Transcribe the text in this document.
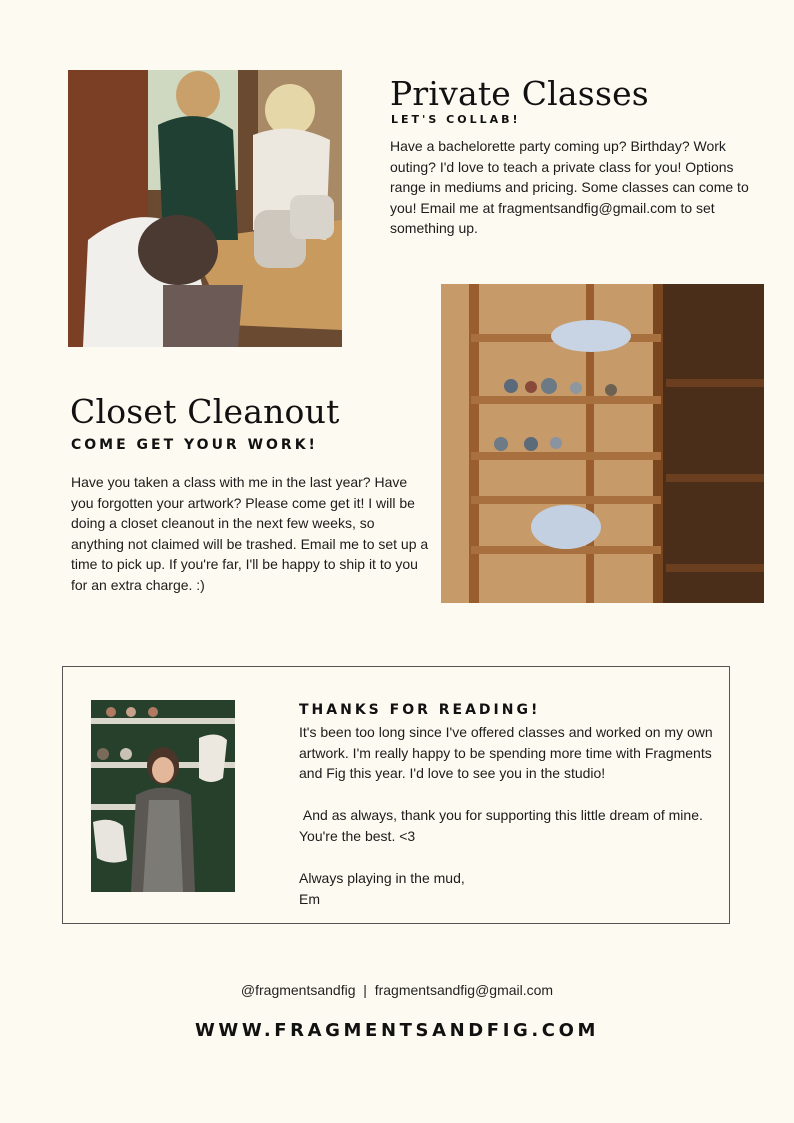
Private Classes
LET'S COLLAB!
Have a bachelorette party coming up? Birthday? Work outing? I'd love to teach a private class for you! Options range in mediums and pricing. Some classes can come to you! Email me at fragmentsandfig@gmail.com to set something up.
Closet Cleanout
COME GET YOUR WORK!
Have you taken a class with me in the last year? Have you forgotten your artwork? Please come get it! I will be doing a closet cleanout in the next few weeks, so anything not claimed will be trashed. Email me to set up a time to pick up. If you're far, I'll be happy to ship it to you for an extra charge. :)
THANKS FOR READING!
It's been too long since I've offered classes and worked on my own artwork. I'm really happy to be spending more time with Fragments and Fig this year. I'd love to see you in the studio!
And as always, thank you for supporting this little dream of mine. You're the best. <3
Always playing in the mud,
Em
@fragmentsandfig  |  fragmentsandfig@gmail.com
WWW.FRAGMENTSANDFIG.COM
